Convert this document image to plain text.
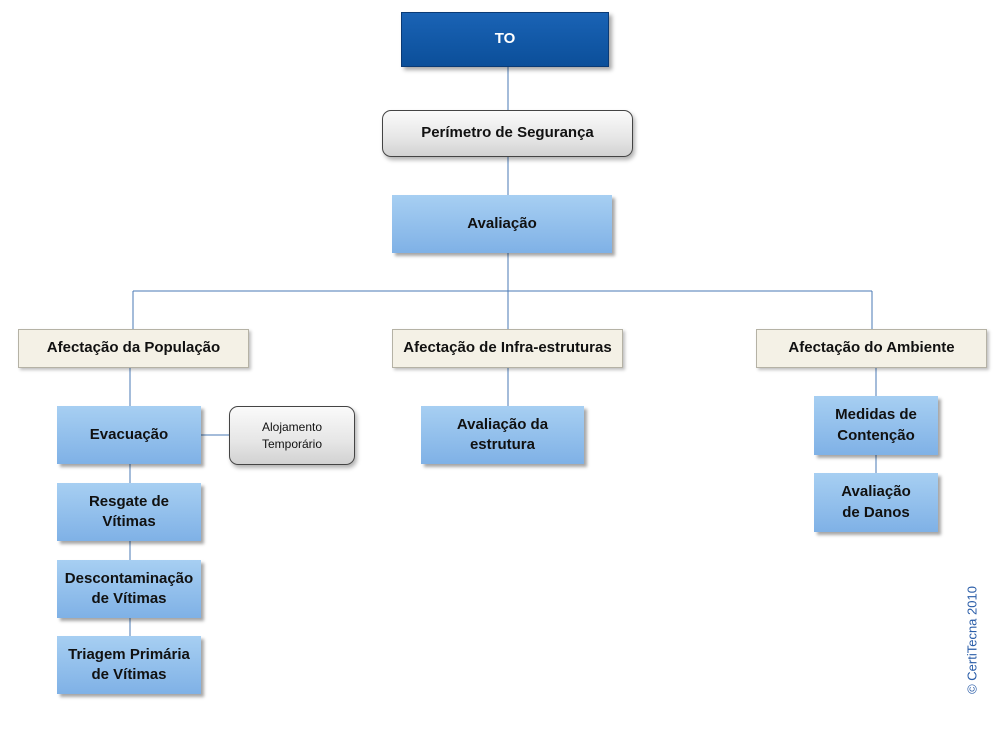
TO
Perímetro de Segurança
Avaliação
Afectação da População	Afectação de Infra-estruturas	Afectação do Ambiente
Evacuação	Alojamento
Temporário
Resgate de
Vítimas
Descontaminação
de Vítimas
Triagem Primária
de Vítimas
Avaliação da
estrutura
Medidas de
Contenção
Avaliação
de Danos
© CertiTecna 2010
